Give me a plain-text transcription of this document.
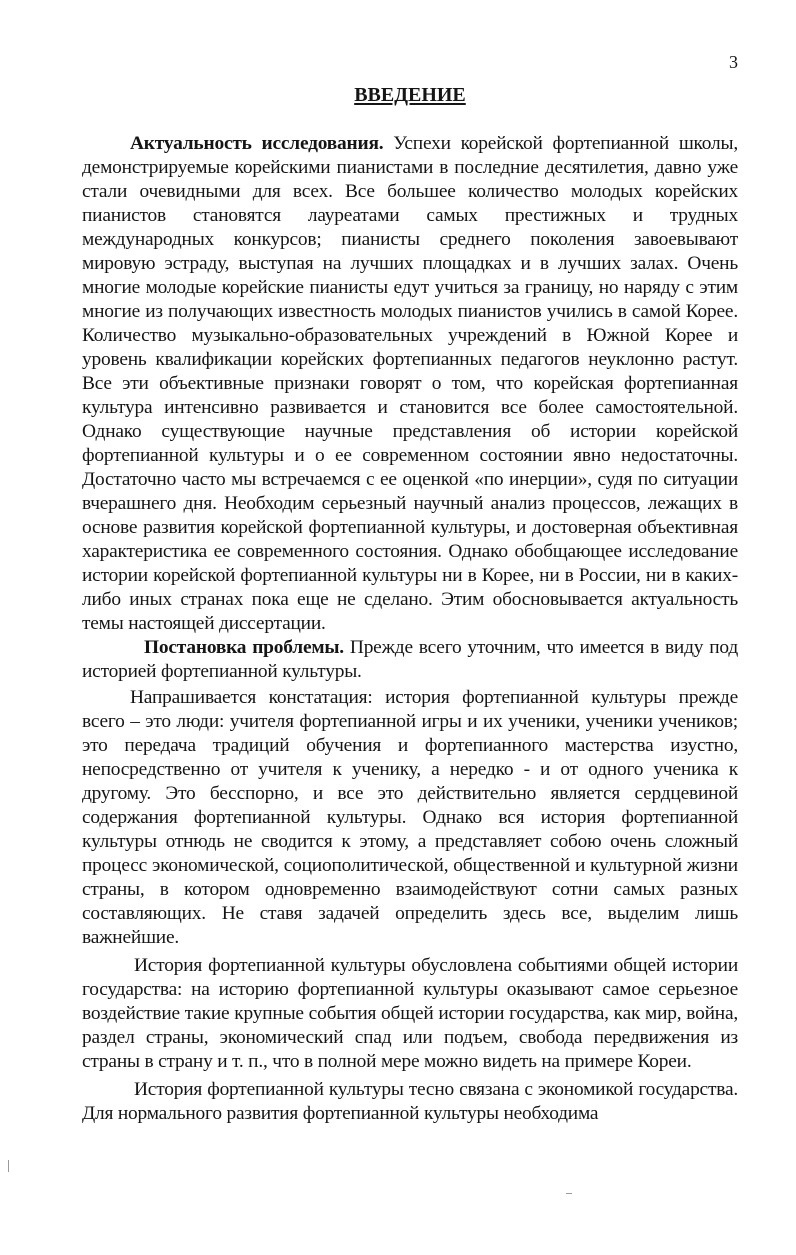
3
ВВЕДЕНИЕ

Актуальность исследования. Успехи корейской фортепианной школы, демонстрируемые корейскими пианистами в последние десятилетия, давно уже стали очевидными для всех. Все большее количество молодых корейских пианистов становятся лауреатами самых престижных и трудных международных конкурсов; пианисты среднего поколения завоевывают мировую эстраду, выступая на лучших площадках и в лучших залах. Очень многие молодые корейские пианисты едут учиться за границу, но наряду с этим многие из получающих известность молодых пианистов учились в самой Корее. Количество музыкально-образовательных учреждений в Южной Корее и уровень квалификации корейских фортепианных педагогов неуклонно растут. Все эти объективные признаки говорят о том, что корейская фортепианная культура интенсивно развивается и становится все более самостоятельной. Однако существующие научные представления об истории корейской фортепианной культуры и о ее современном состоянии явно недостаточны. Достаточно часто мы встречаемся с ее оценкой «по инерции», судя по ситуации вчерашнего дня. Необходим серьезный научный анализ процессов, лежащих в основе развития корейской фортепианной культуры, и достоверная объективная характеристика ее современного состояния. Однако обобщающее исследование истории корейской фортепианной культуры ни в Корее, ни в России, ни в каких-либо иных странах пока еще не сделано. Этим обосновывается актуальность темы настоящей диссертации.

Постановка проблемы. Прежде всего уточним, что имеется в виду под историей фортепианной культуры.

Напрашивается констатация: история фортепианной культуры прежде всего – это люди: учителя фортепианной игры и их ученики, ученики учеников; это передача традиций обучения и фортепианного мастерства изустно, непосредственно от учителя к ученику, а нередко - и от одного ученика к другому. Это бесспорно, и все это действительно является сердцевиной содержания фортепианной культуры. Однако вся история фортепианной культуры отнюдь не сводится к этому, а представляет собою очень сложный процесс экономической, социополитической, общественной и культурной жизни страны, в котором одновременно взаимодействуют сотни самых разных составляющих. Не ставя задачей определить здесь все, выделим лишь важнейшие.

История фортепианной культуры обусловлена событиями общей истории государства: на историю фортепианной культуры оказывают самое серьезное воздействие такие крупные события общей истории государства, как мир, война, раздел страны, экономический спад или подъем, свобода передвижения из страны в страну и т. п., что в полной мере можно видеть на примере Кореи.

История фортепианной культуры тесно связана с экономикой государства. Для нормального развития фортепианной культуры необходима
